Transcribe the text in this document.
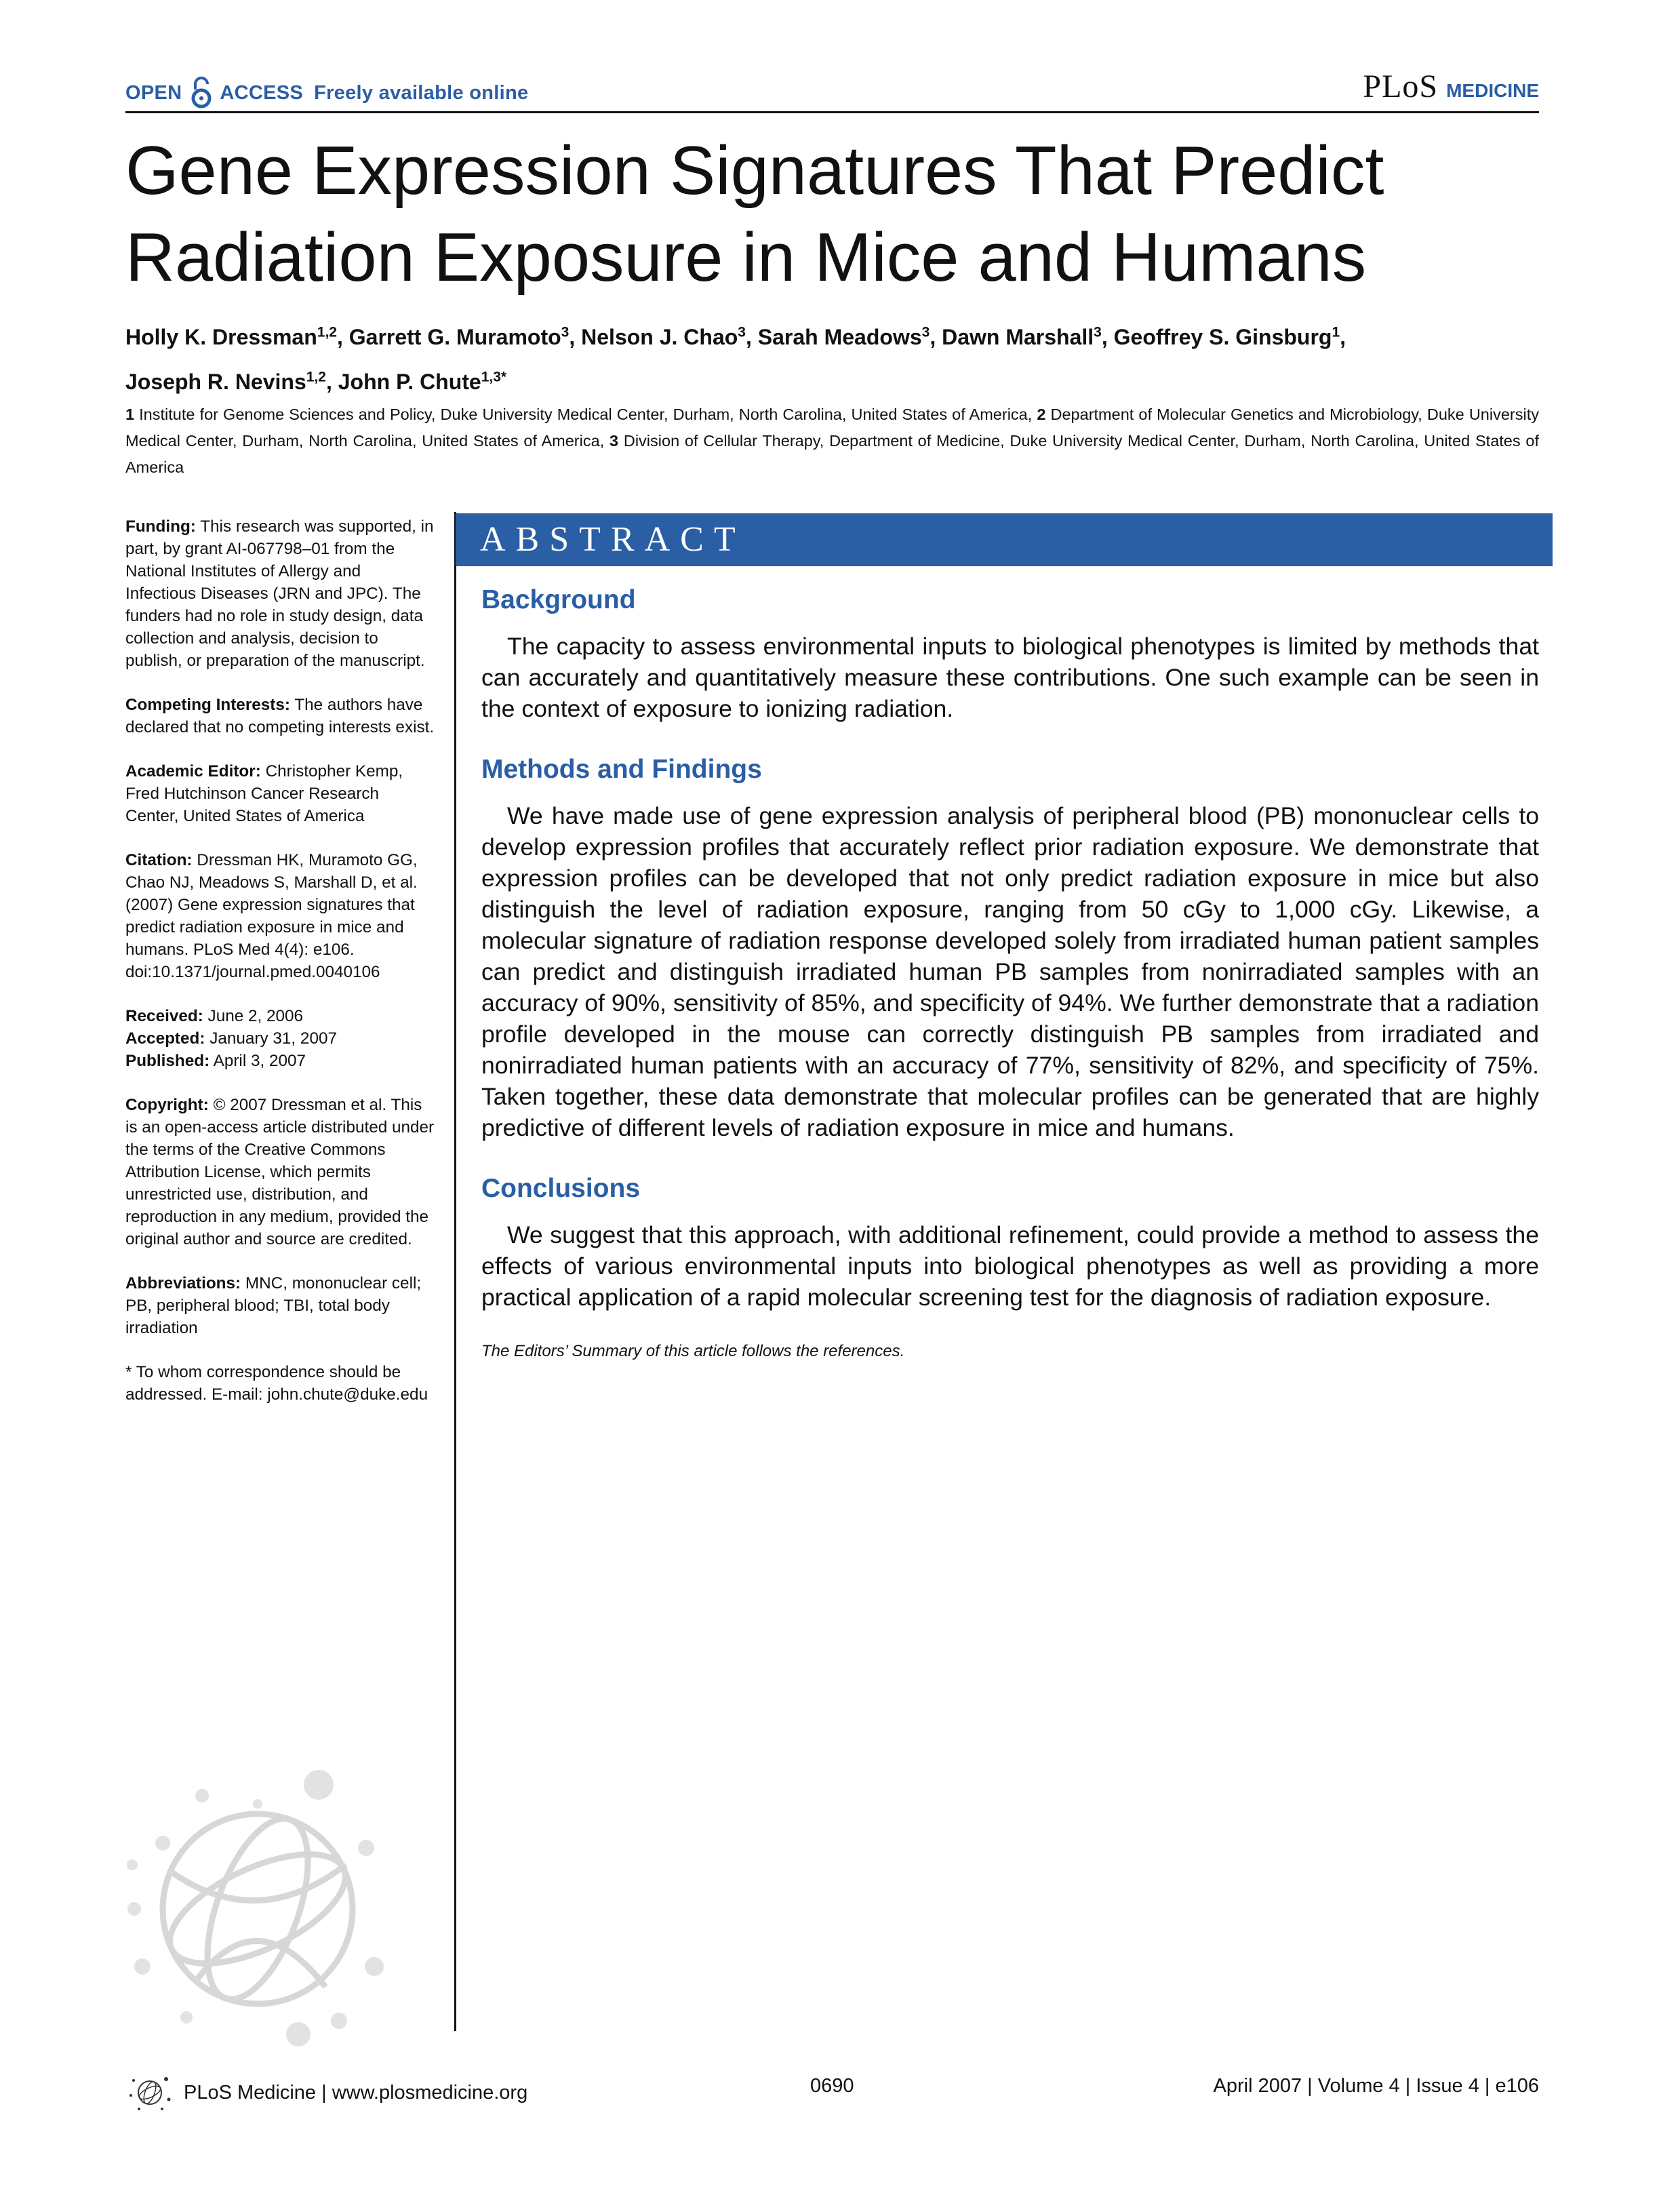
OPEN ACCESS Freely available online	PLoS MEDICINE
Gene Expression Signatures That Predict Radiation Exposure in Mice and Humans

Holly K. Dressman$^{1,2}$, Garrett G. Muramoto$^3$, Nelson J. Chao$^3$, Sarah Meadows$^3$, Dawn Marshall$^3$, Geoffrey S. Ginsburg$^1$,
Joseph R. Nevins$^{1,2}$, John P. Chute$^{1,3*}$

1 Institute for Genome Sciences and Policy, Duke University Medical Center, Durham, North Carolina, United States of America, 2 Department of Molecular Genetics and Microbiology, Duke University Medical Center, Durham, North Carolina, United States of America, 3 Division of Cellular Therapy, Department of Medicine, Duke University Medical Center, Durham, North Carolina, United States of America

Funding: This research was supported, in part, by grant AI-067798–01 from the National Institutes of Allergy and Infectious Diseases (JRN and JPC). The funders had no role in study design, data collection and analysis, decision to publish, or preparation of the manuscript.

Competing Interests: The authors have declared that no competing interests exist.

Academic Editor: Christopher Kemp, Fred Hutchinson Cancer Research Center, United States of America

Citation: Dressman HK, Muramoto GG, Chao NJ, Meadows S, Marshall D, et al. (2007) Gene expression signatures that predict radiation exposure in mice and humans. PLoS Med 4(4): e106. doi:10.1371/journal.pmed.0040106

Received: June 2, 2006
Accepted: January 31, 2007
Published: April 3, 2007

Copyright: © 2007 Dressman et al. This is an open-access article distributed under the terms of the Creative Commons Attribution License, which permits unrestricted use, distribution, and reproduction in any medium, provided the original author and source are credited.

Abbreviations: MNC, mononuclear cell; PB, peripheral blood; TBI, total body irradiation

* To whom correspondence should be addressed. E-mail: john.chute@duke.edu

ABSTRACT
Background

The capacity to assess environmental inputs to biological phenotypes is limited by methods that can accurately and quantitatively measure these contributions. One such example can be seen in the context of exposure to ionizing radiation.

Methods and Findings

We have made use of gene expression analysis of peripheral blood (PB) mononuclear cells to develop expression profiles that accurately reflect prior radiation exposure. We demonstrate that expression profiles can be developed that not only predict radiation exposure in mice but also distinguish the level of radiation exposure, ranging from 50 cGy to 1,000 cGy. Likewise, a molecular signature of radiation response developed solely from irradiated human patient samples can predict and distinguish irradiated human PB samples from nonirradiated samples with an accuracy of 90%, sensitivity of 85%, and specificity of 94%. We further demonstrate that a radiation profile developed in the mouse can correctly distinguish PB samples from irradiated and nonirradiated human patients with an accuracy of 77%, sensitivity of 82%, and specificity of 75%. Taken together, these data demonstrate that molecular profiles can be generated that are highly predictive of different levels of radiation exposure in mice and humans.

Conclusions

We suggest that this approach, with additional refinement, could provide a method to assess the effects of various environmental inputs into biological phenotypes as well as providing a more practical application of a rapid molecular screening test for the diagnosis of radiation exposure.

The Editors’ Summary of this article follows the references.

PLoS Medicine | www.plosmedicine.org	0690	April 2007 | Volume 4 | Issue 4 | e106
